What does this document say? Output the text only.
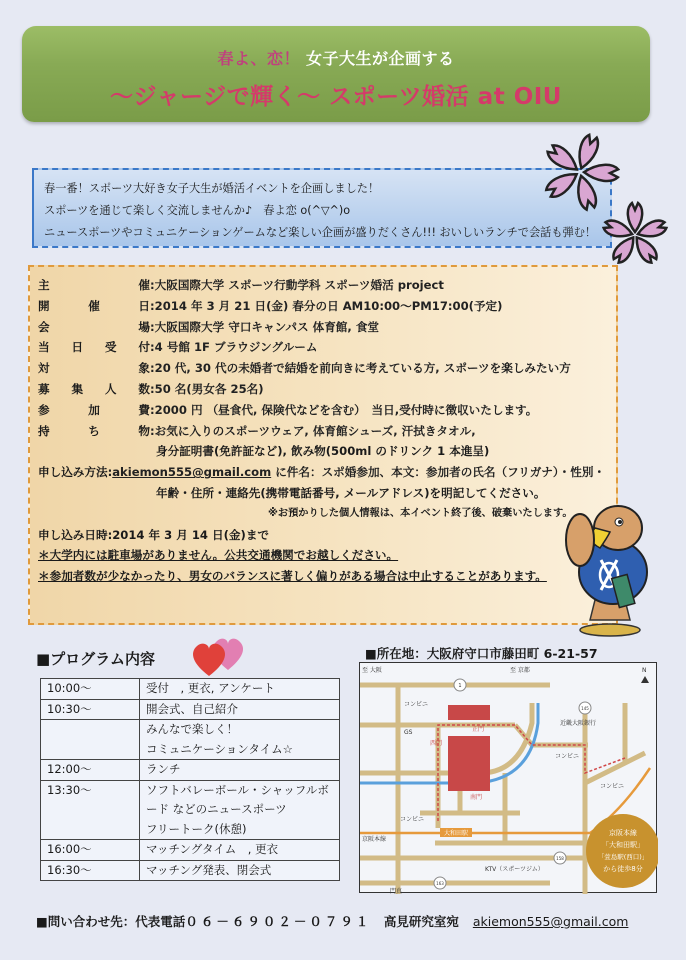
春よ、恋！ 女子大生が企画する
～ジャージで輝く～ スポーツ婚活 at OIU
春一番！スポーツ大好き女子大生が婚活イベントを企画しました！
スポーツを通じて楽しく交流しませんか♪　春よ恋 o(^▽^)o
ニュースポーツやコミュニケーションゲームなど楽しい企画が盛りだくさん!!! おいしいランチで会話も弾む！
主催 :大阪国際大学 スポーツ行動学科 スポーツ婚活 project
開催日 :2014 年 3 月 21 日(金) 春分の日 AM10:00～PM17:00(予定)
会場 :大阪国際大学 守口キャンパス 体育館, 食堂
当日受付 :4 号館 1F ブラウジングルーム
対象 :20 代, 30 代の未婚者で結婚を前向きに考えている方, スポーツを楽しみたい方
募集人数 :50 名(男女各 25名)
参加費 :2000 円 （昼食代, 保険代などを含む）　当日,受付時に徴収いたします。
持ち物 :お気に入りのスポーツウェア, 体育館シューズ, 汗拭きタオル,
身分証明書(免許証など), 飲み物(500ml のドリンク 1 本進呈)
申し込み方法 :akiemon555@gmail.com に件名：スポ婚参加、本文：参加者の氏名（フリガナ）・性別・
年齢・住所・連絡先(携帯電話番号, メールアドレス)を明記してください。
※お預かりした個人情報は、本イベント終了後、破棄いたします。
申し込み日時:2014 年 3 月 14 日(金)まで
＊大学内には駐車場がありません。公共交通機関でお越しください。
＊参加者数が少なかったり、男女のバランスに著しく偏りがある場合は中止することがあります。
■プログラム内容
10:00～	受付　, 更衣, アンケート

10:30～	開会式、自己紹介

	みんなで楽しく！
コミュニケーションタイム☆

12:00～	ランチ

13:30～	ソフトバレーボール・シャッフルボ
ード などのニュースポーツ
フリートーク(休憩)

16:00～	マッチングタイム　, 更衣

16:30～	マッチング発表、閉会式
■所在地：大阪府守口市藤田町 6-21-57
大和田駅
至 大阪	至 京都	N
コンビニ
GS	正門
西門
南門
近畿大阪銀行
コンビニ
コンビニ
コンビニ
京阪本線
KTV（スポーツジム）
門真
1
145
158
163
京阪本線
「大和田駅」
「萱島駅(西口)」
から徒歩8分
■問い合わせ先：代表電話０６－６９０２－０７９１　高見研究室宛 akiemon555@gmail.com
